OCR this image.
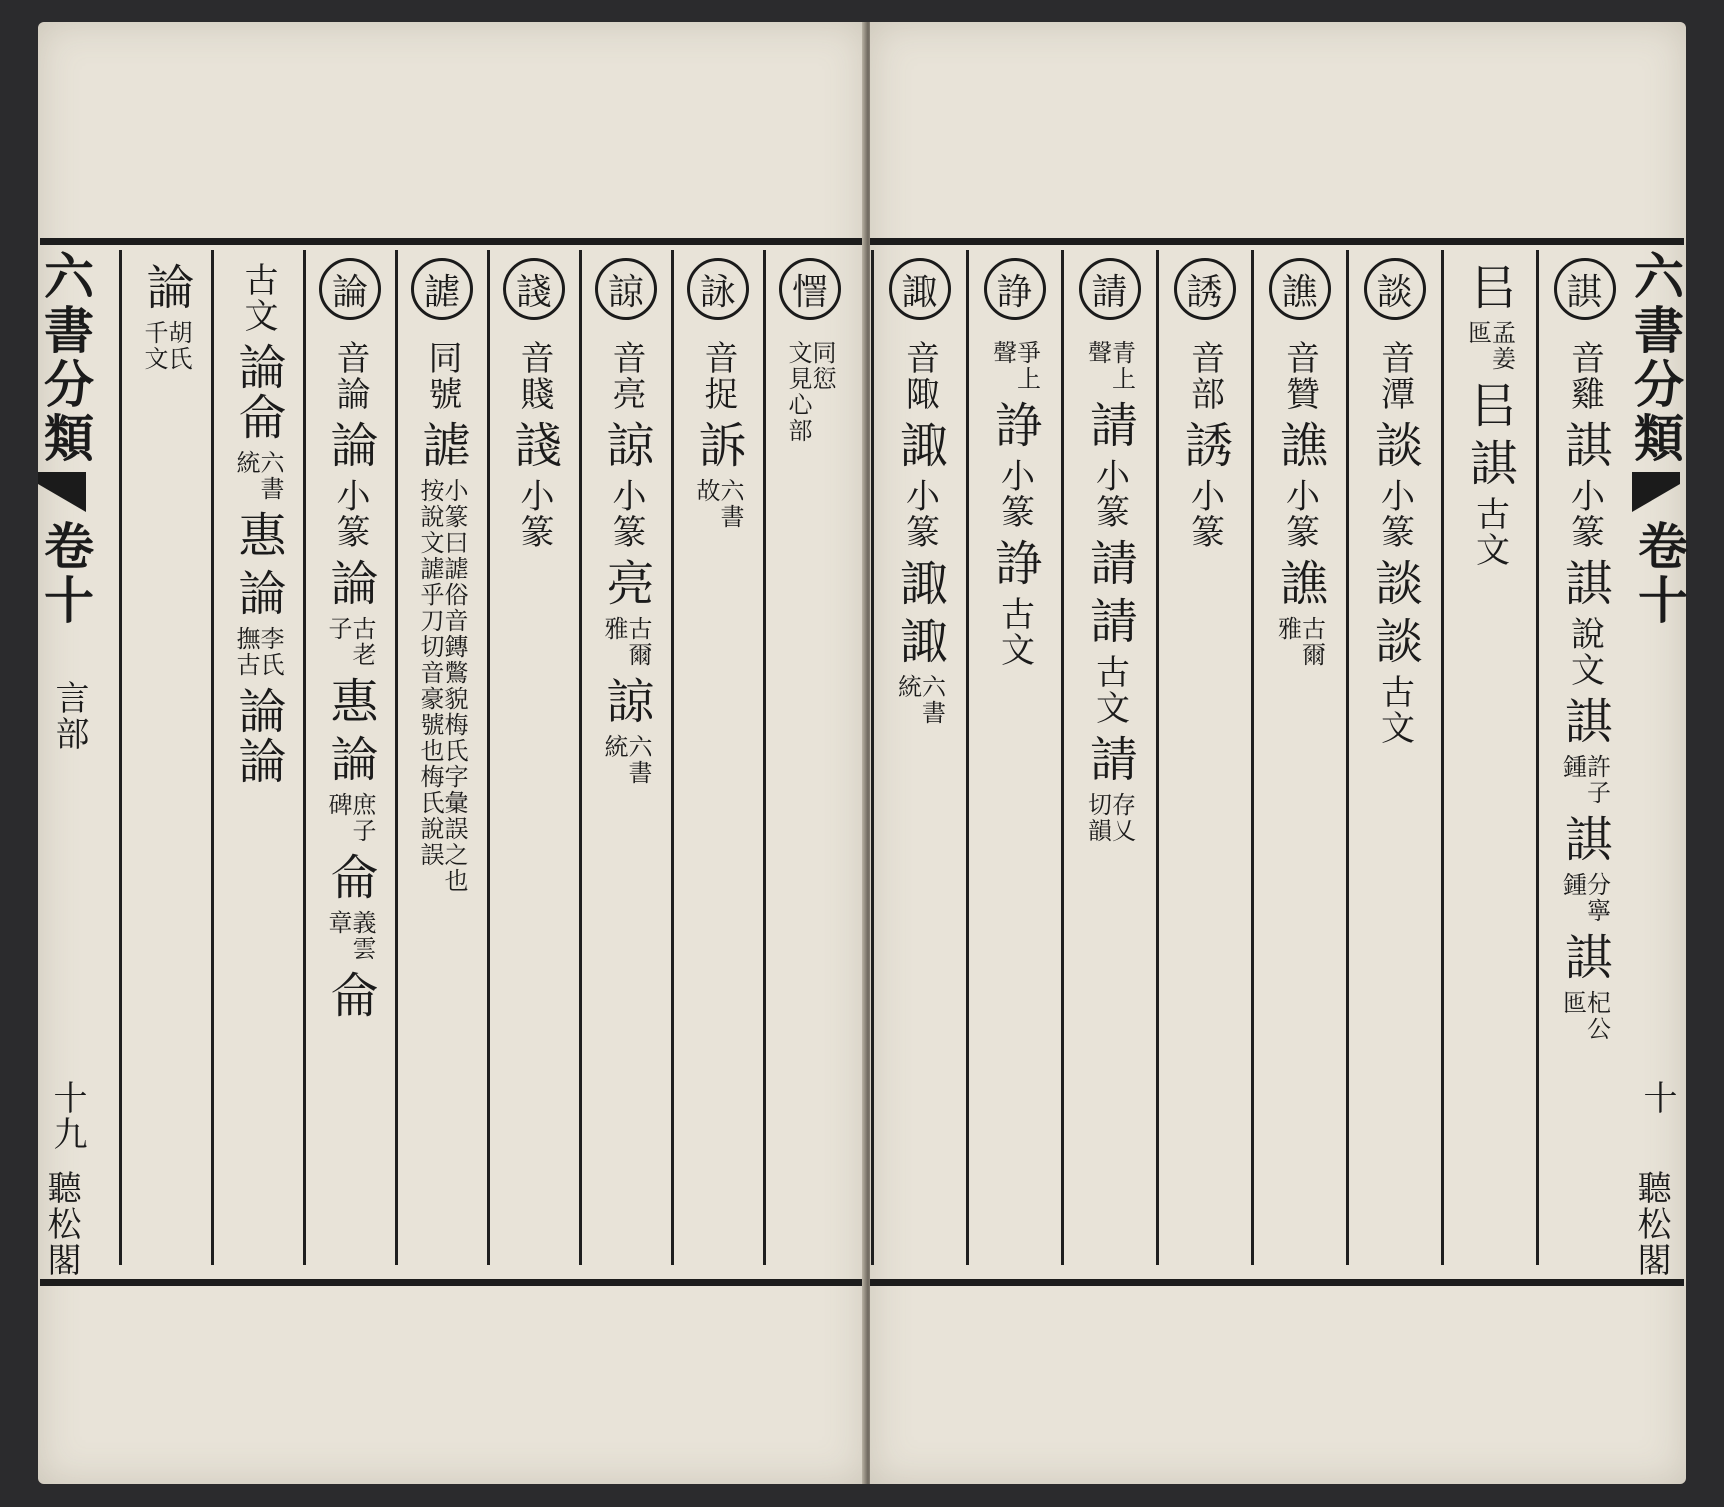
六書分類
卷十
言部
十九
聽松閣
六書分類
卷十
十
聽松閣
㦒
同愆
文見心部
詠
音捉
訴
六書
故
諒
音亮
諒
小篆
亮
古爾
雅
諒
六書
統
諓
音賤
諓
小篆
謔
同號
謔
小篆曰謔俗音鏄鷩貌梅氏字彙誤之也
按說文謔乎刀切音豪號也梅氏說誤
論
音論
論
小篆
論
古老
子
惠
論
庶子
碑
侖
義雲
章
侖
古文
論侖
六書
統
惠
論
李氏
撫古
論論
論
胡氏
千文
諆
音雞
諆
小篆
諆
說文
諆
許子
鍾
諆
分寧
鍾
諆
杞公
匜
㠯
孟姜
匜
㠯
諆
古文
談
音潭
談
小篆
談
談
古文
譙
音贊
譙
小篆
譙
古爾
雅
誘
音部
誘
小篆
請
青上
聲
請
小篆
請
請
古文
請
存乂
切韻
諍
爭上
聲
諍
小篆
諍
古文
諏
音陬
諏
小篆
諏
諏
六書
統
